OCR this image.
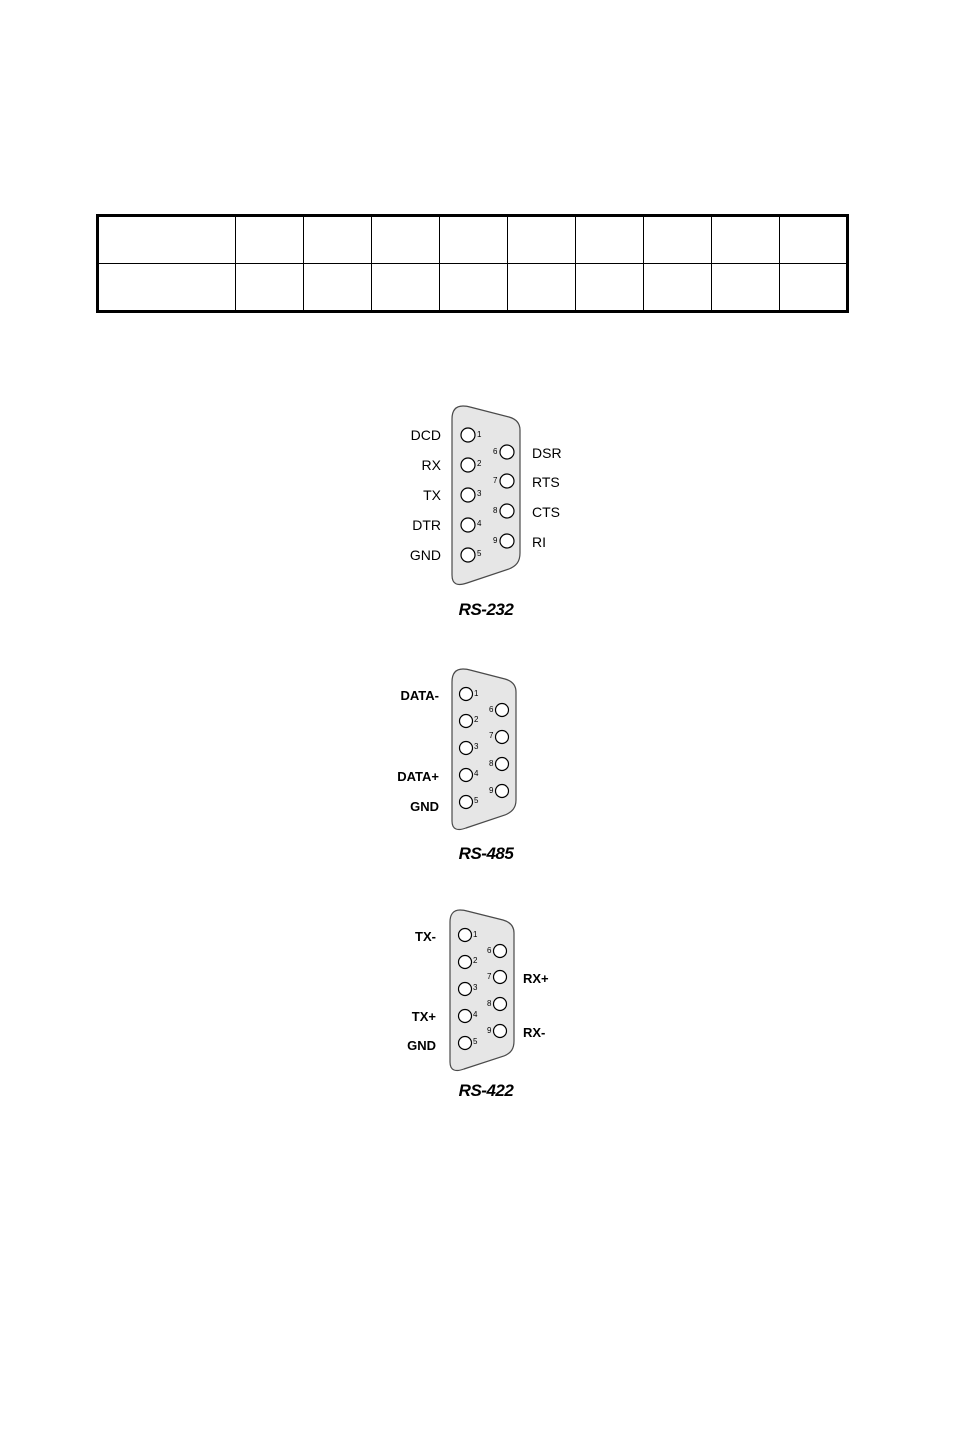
1
2
3
4
5
6
7
8
9
DCD
RX
TX
DTR
GND
DSR
RTS
CTS
RI
RS-232
1
2
3
4
5
6
7
8
9
DATA-
DATA+
GND
RS-485
1
2
3
4
5
6
7
8
9
TX-
TX+
GND
RX+
RX-
RS-422
